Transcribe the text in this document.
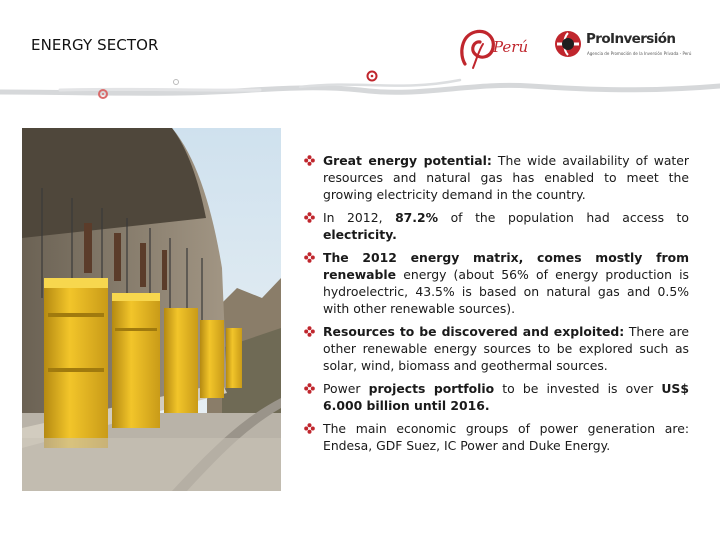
ENERGY SECTOR	Perú	ProInversión
Agencia de Promoción de la Inversión Privada - Perú
Great energy potential: The wide availability of water resources and natural gas has enabled to meet the growing electricity demand in the country.
In 2012, 87.2% of the population had access to electricity.
The 2012 energy matrix, comes mostly from renewable energy (about 56% of energy production is hydroelectric, 43.5% is based on natural gas and 0.5% with other renewable sources).
Resources to be discovered and exploited: There are other renewable energy sources to be explored such as solar, wind, biomass and geothermal sources.
Power projects portfolio to be invested is over US$ 6.000 billion until 2016.
The main economic groups of power generation are: Endesa, GDF Suez, IC Power and Duke Energy.
